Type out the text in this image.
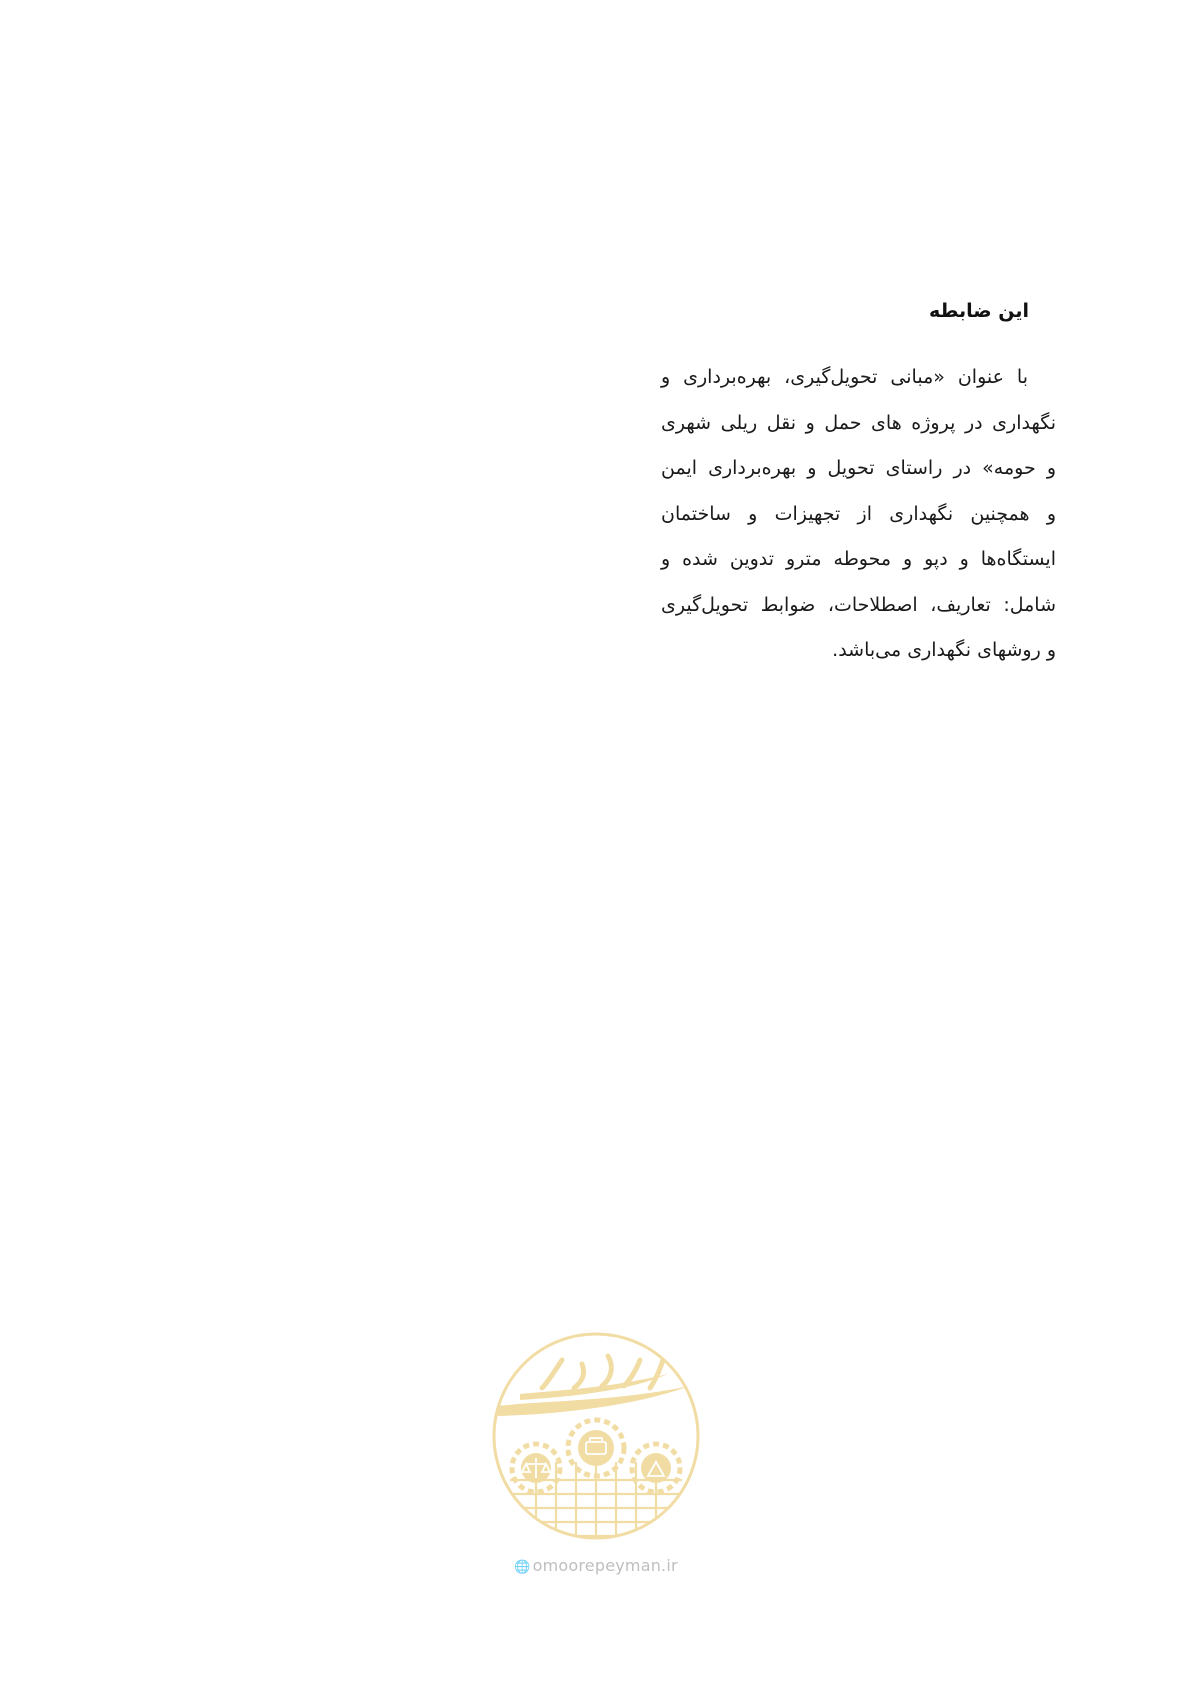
این ضابطه

با عنوان «مبانی تحویل‌گیری، بهره‌برداری و
نگهداری در پروژه های حمل و نقل ریلی شهری
و حومه» در راستای تحویل و بهره‌برداری ایمن
و همچنین نگهداری از تجهیزات و ساختمان
ایستگاه‌ها و دپو و محوطه مترو تدوین شده و
شامل: تعاریف، اصطلاحات، ضوابط تحویل‌گیری
و روشهای نگهداری می‌باشد.

🌐 omoorepeyman.ir
